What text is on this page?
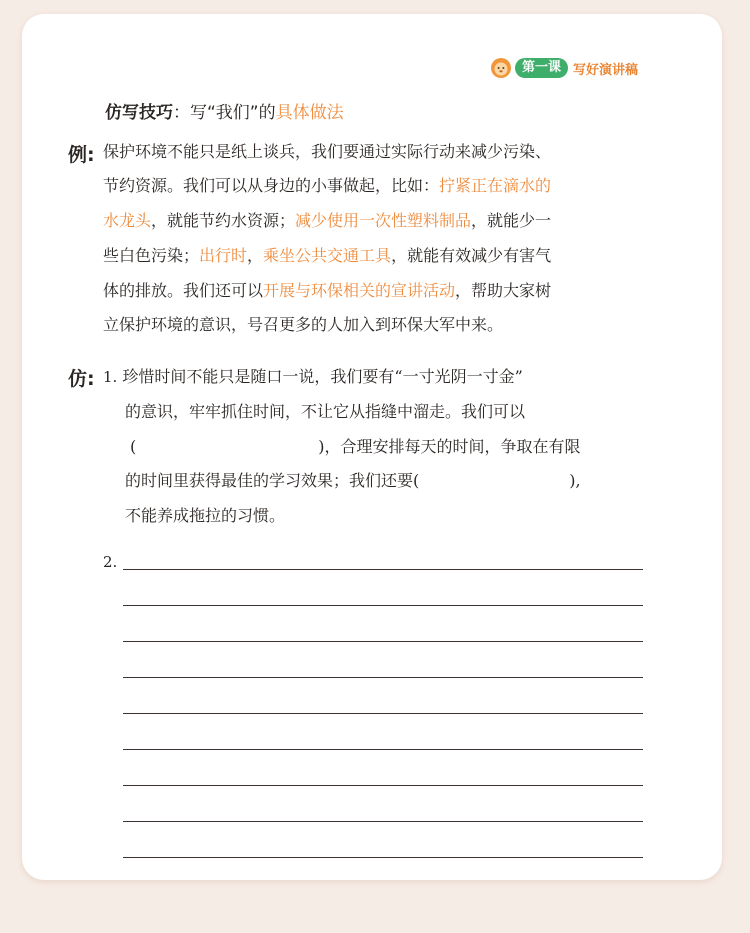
第一课 写好演讲稿
仿写技巧：写“我们”的具体做法
例: 保护环境不能只是纸上谈兵，我们要通过实际行动来减少污染、
节约资源。我们可以从身边的小事做起，比如：拧紧正在滴水的
水龙头，就能节约水资源；减少使用一次性塑料制品，就能少一
些白色污染；出行时，乘坐公共交通工具，就能有效减少有害气
体的排放。我们还可以开展与环保相关的宣讲活动，帮助大家树
立保护环境的意识，号召更多的人加入到环保大军中来。
仿: 1. 珍惜时间不能只是随口一说，我们要有“一寸光阴一寸金”
的意识，牢牢抓住时间，不让它从指缝中溜走。我们可以
(	)，合理安排每天的时间，争取在有限
的时间里获得最佳的学习效果；我们还要(	),
不能养成拖拉的习惯。
2.
